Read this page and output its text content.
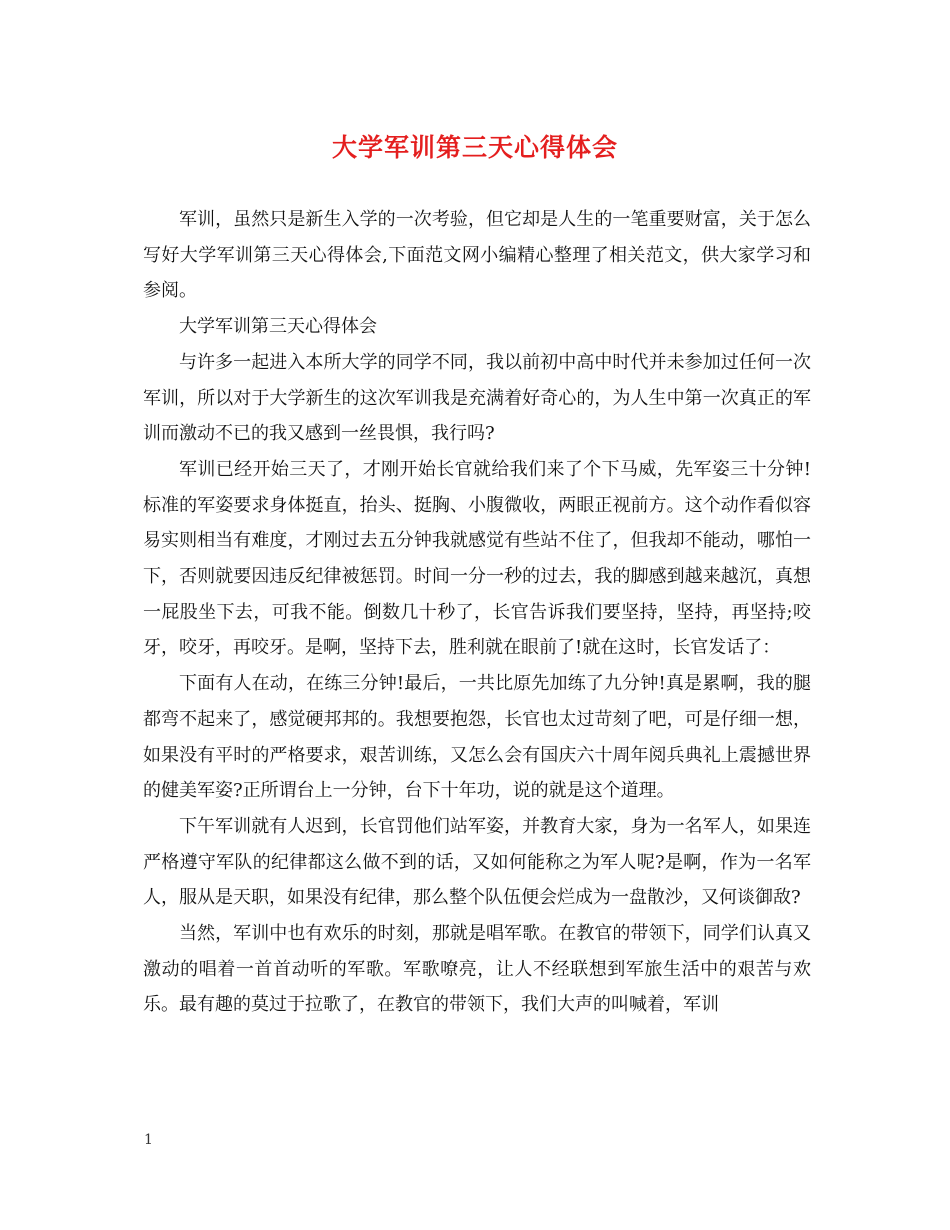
大学军训第三天心得体会

军训，虽然只是新生入学的一次考验，但它却是人生的一笔重要财富，关于怎么写好大学军训第三天心得体会,下面范文网小编精心整理了相关范文，供大家学习和参阅。

大学军训第三天心得体会

与许多一起进入本所大学的同学不同，我以前初中高中时代并未参加过任何一次军训，所以对于大学新生的这次军训我是充满着好奇心的，为人生中第一次真正的军训而激动不已的我又感到一丝畏惧，我行吗?

军训已经开始三天了，才刚开始长官就给我们来了个下马威，先军姿三十分钟!标准的军姿要求身体挺直，抬头、挺胸、小腹微收，两眼正视前方。这个动作看似容易实则相当有难度，才刚过去五分钟我就感觉有些站不住了，但我却不能动，哪怕一下，否则就要因违反纪律被惩罚。时间一分一秒的过去，我的脚感到越来越沉，真想一屁股坐下去，可我不能。倒数几十秒了，长官告诉我们要坚持，坚持，再坚持;咬牙，咬牙，再咬牙。是啊，坚持下去，胜利就在眼前了!就在这时，长官发话了：

下面有人在动，在练三分钟!最后，一共比原先加练了九分钟!真是累啊，我的腿都弯不起来了，感觉硬邦邦的。我想要抱怨，长官也太过苛刻了吧，可是仔细一想，如果没有平时的严格要求，艰苦训练，又怎么会有国庆六十周年阅兵典礼上震撼世界的健美军姿?正所谓台上一分钟，台下十年功，说的就是这个道理。

下午军训就有人迟到，长官罚他们站军姿，并教育大家，身为一名军人，如果连严格遵守军队的纪律都这么做不到的话，又如何能称之为军人呢?是啊，作为一名军人，服从是天职，如果没有纪律，那么整个队伍便会烂成为一盘散沙，又何谈御敌?

当然，军训中也有欢乐的时刻，那就是唱军歌。在教官的带领下，同学们认真又激动的唱着一首首动听的军歌。军歌嘹亮，让人不经联想到军旅生活中的艰苦与欢乐。最有趣的莫过于拉歌了，在教官的带领下，我们大声的叫喊着，军训

1
